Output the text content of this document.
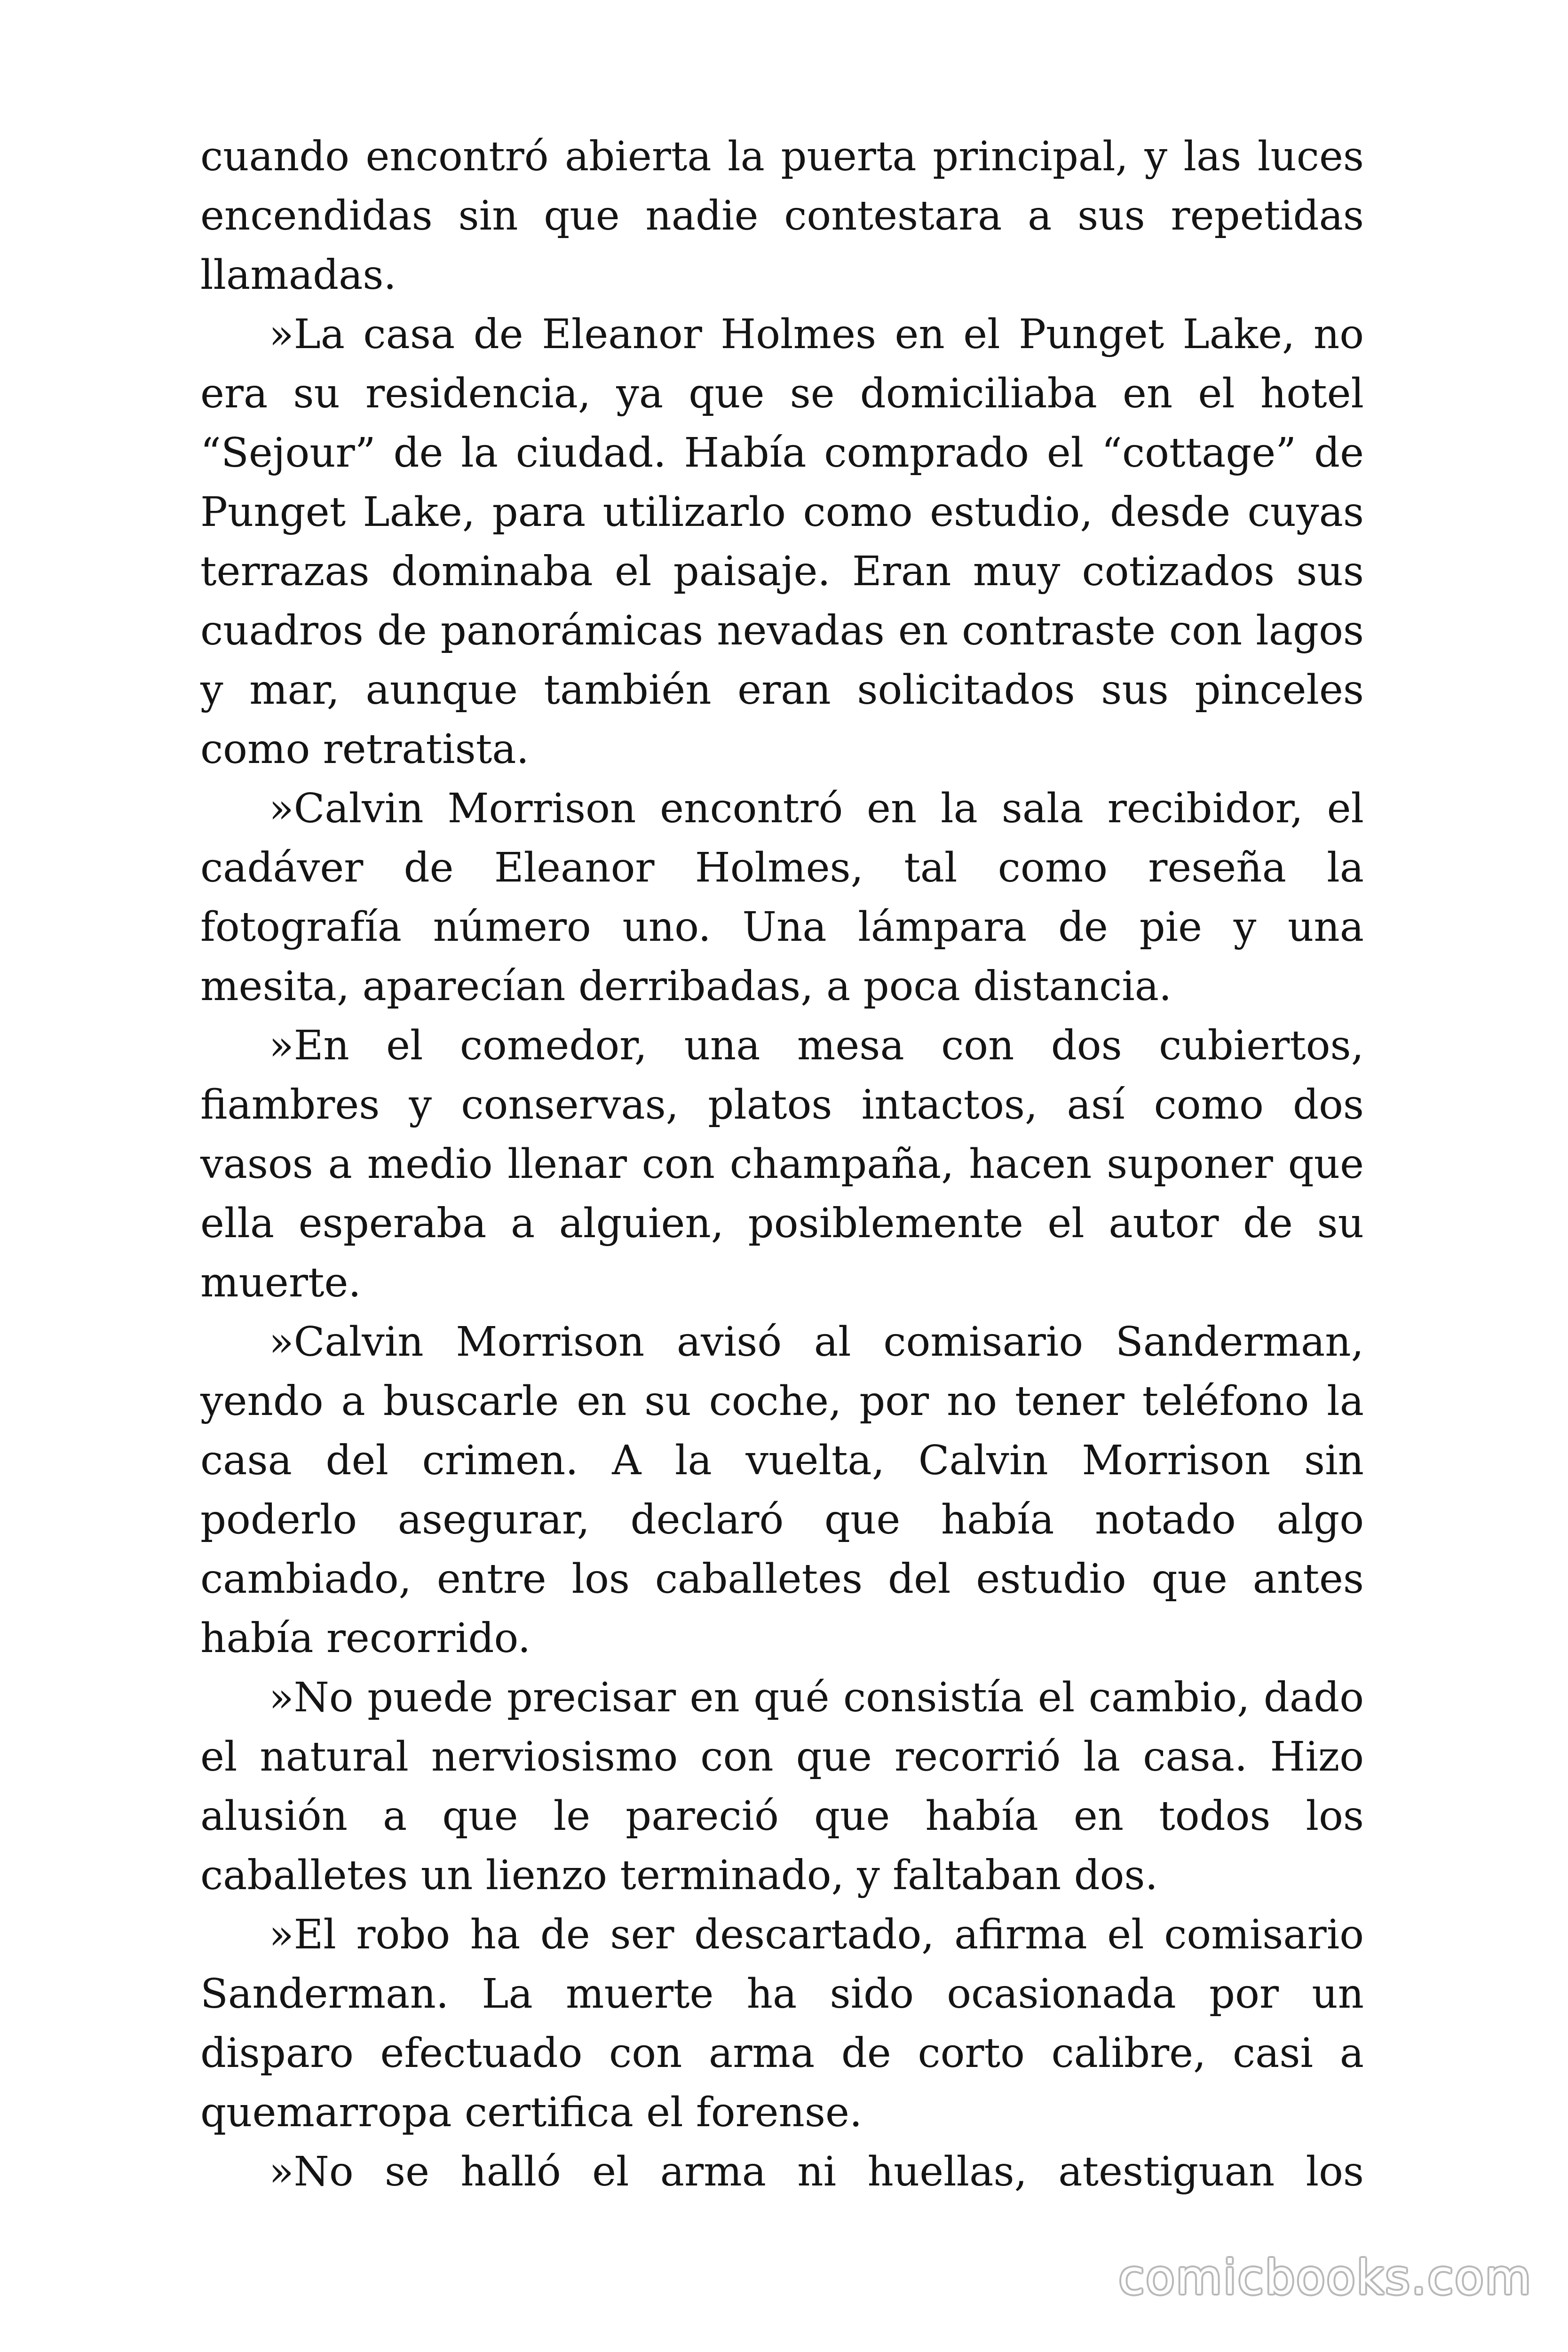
cuando encontró abierta la puerta principal, y las luces encendidas sin que nadie contestara a sus repetidas llamadas.

»La casa de Eleanor Holmes en el Punget Lake, no era su residencia, ya que se domiciliaba en el hotel “Sejour” de la ciudad. Había comprado el “cottage” de Punget Lake, para utilizarlo como estudio, desde cuyas terrazas dominaba el paisaje. Eran muy cotizados sus cuadros de panorámicas nevadas en contraste con lagos y mar, aunque también eran solicitados sus pinceles como retratista.

»Calvin Morrison encontró en la sala recibidor, el cadáver de Eleanor Holmes, tal como reseña la fotografía número uno. Una lámpara de pie y una mesita, aparecían derribadas, a poca distancia.

»En el comedor, una mesa con dos cubiertos, fiambres y conservas, platos intactos, así como dos vasos a medio llenar con champaña, hacen suponer que ella esperaba a alguien, posiblemente el autor de su muerte.

»Calvin Morrison avisó al comisario Sanderman, yendo a buscarle en su coche, por no tener teléfono la casa del crimen. A la vuelta, Calvin Morrison sin poderlo asegurar, declaró que había notado algo cambiado, entre los caballetes del estudio que antes había recorrido.

»No puede precisar en qué consistía el cambio, dado el natural nerviosismo con que recorrió la casa. Hizo alusión a que le pareció que había en todos los caballetes un lienzo terminado, y faltaban dos.

»El robo ha de ser descartado, afirma el comisario Sanderman. La muerte ha sido ocasionada por un disparo efectuado con arma de corto calibre, casi a quemarropa certifica el forense.

»No se halló el arma ni huellas, atestiguan los

comicbooks.com
